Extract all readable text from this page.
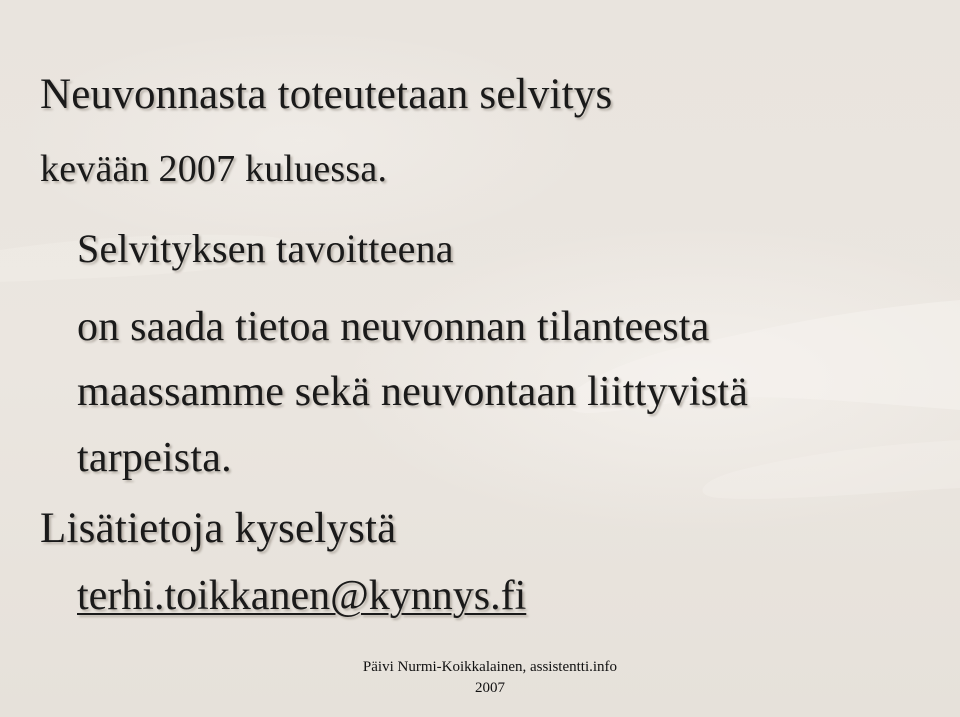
Neuvonnasta toteutetaan selvitys
kevään 2007 kuluessa.
Selvityksen tavoitteena
on saada tietoa neuvonnan tilanteesta
maassamme sekä neuvontaan liittyvistä
tarpeista.
Lisätietoja kyselystä
terhi.toikkanen@kynnys.fi
Päivi Nurmi-Koikkalainen, assistentti.info
2007
